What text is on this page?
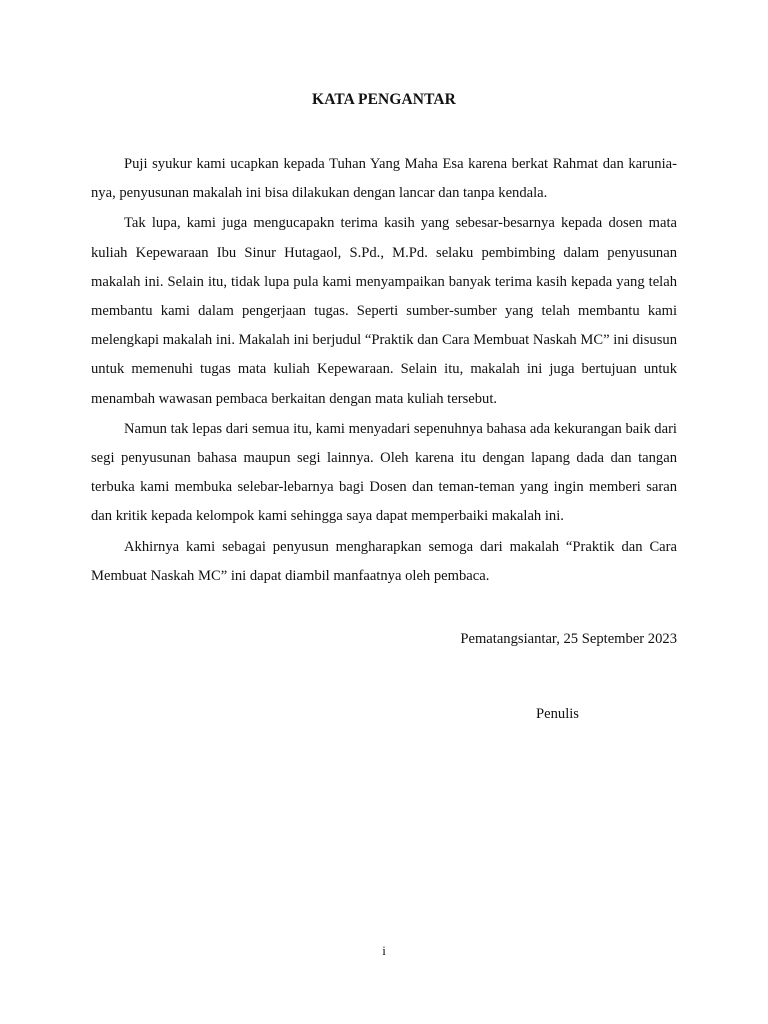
KATA PENGANTAR

Puji syukur kami ucapkan kepada Tuhan Yang Maha Esa karena berkat Rahmat dan karunia-nya, penyusunan makalah ini bisa dilakukan dengan lancar dan tanpa kendala.

Tak lupa, kami juga mengucapakn terima kasih yang sebesar-besarnya kepada dosen mata kuliah Kepewaraan Ibu Sinur Hutagaol, S.Pd., M.Pd. selaku pembimbing dalam penyusunan makalah ini. Selain itu, tidak lupa pula kami menyampaikan banyak terima kasih kepada yang telah membantu kami dalam pengerjaan tugas. Seperti sumber-sumber yang telah membantu kami melengkapi makalah ini. Makalah ini berjudul “Praktik dan Cara Membuat Naskah MC” ini disusun untuk memenuhi tugas mata kuliah Kepewaraan. Selain itu, makalah ini juga bertujuan untuk menambah wawasan pembaca berkaitan dengan mata kuliah tersebut.

Namun tak lepas dari semua itu, kami menyadari sepenuhnya bahasa ada kekurangan baik dari segi penyusunan bahasa maupun segi lainnya. Oleh karena itu dengan lapang dada dan tangan terbuka kami membuka selebar-lebarnya bagi Dosen dan teman-teman yang ingin memberi saran dan kritik kepada kelompok kami sehingga saya dapat memperbaiki makalah ini.

Akhirnya kami sebagai penyusun mengharapkan semoga dari makalah “Praktik dan Cara Membuat Naskah MC” ini dapat diambil manfaatnya oleh pembaca.

Pematangsiantar, 25 September 2023
Penulis
i
